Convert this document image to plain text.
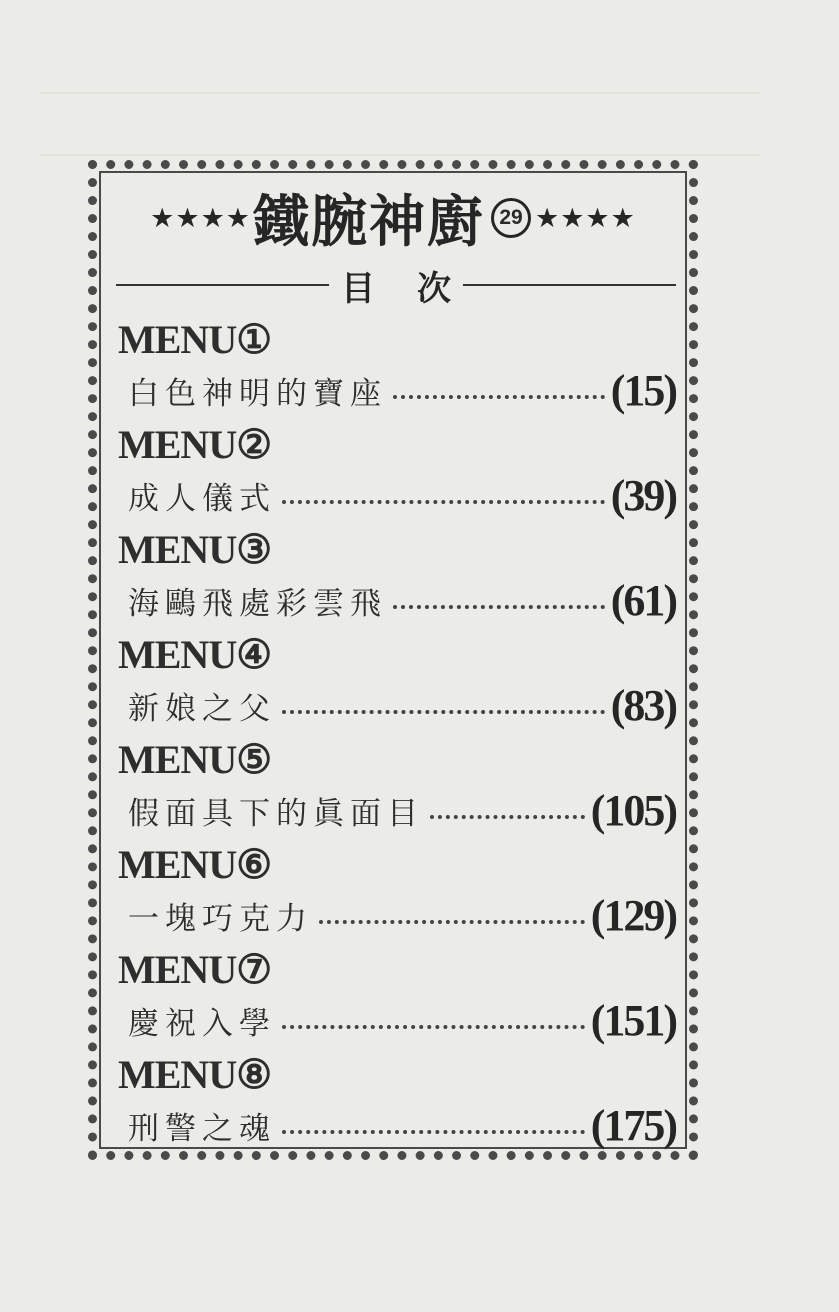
★★★★ 鐵腕神廚 29 ★★★★
目次
MENU①
白色神明的寶座	(15)
MENU②
成人儀式	(39)
MENU③
海鷗飛處彩雲飛	(61)
MENU④
新娘之父	(83)
MENU⑤
假面具下的眞面目	(105)
MENU⑥
一塊巧克力	(129)
MENU⑦
慶祝入學	(151)
MENU⑧
刑警之魂	(175)
